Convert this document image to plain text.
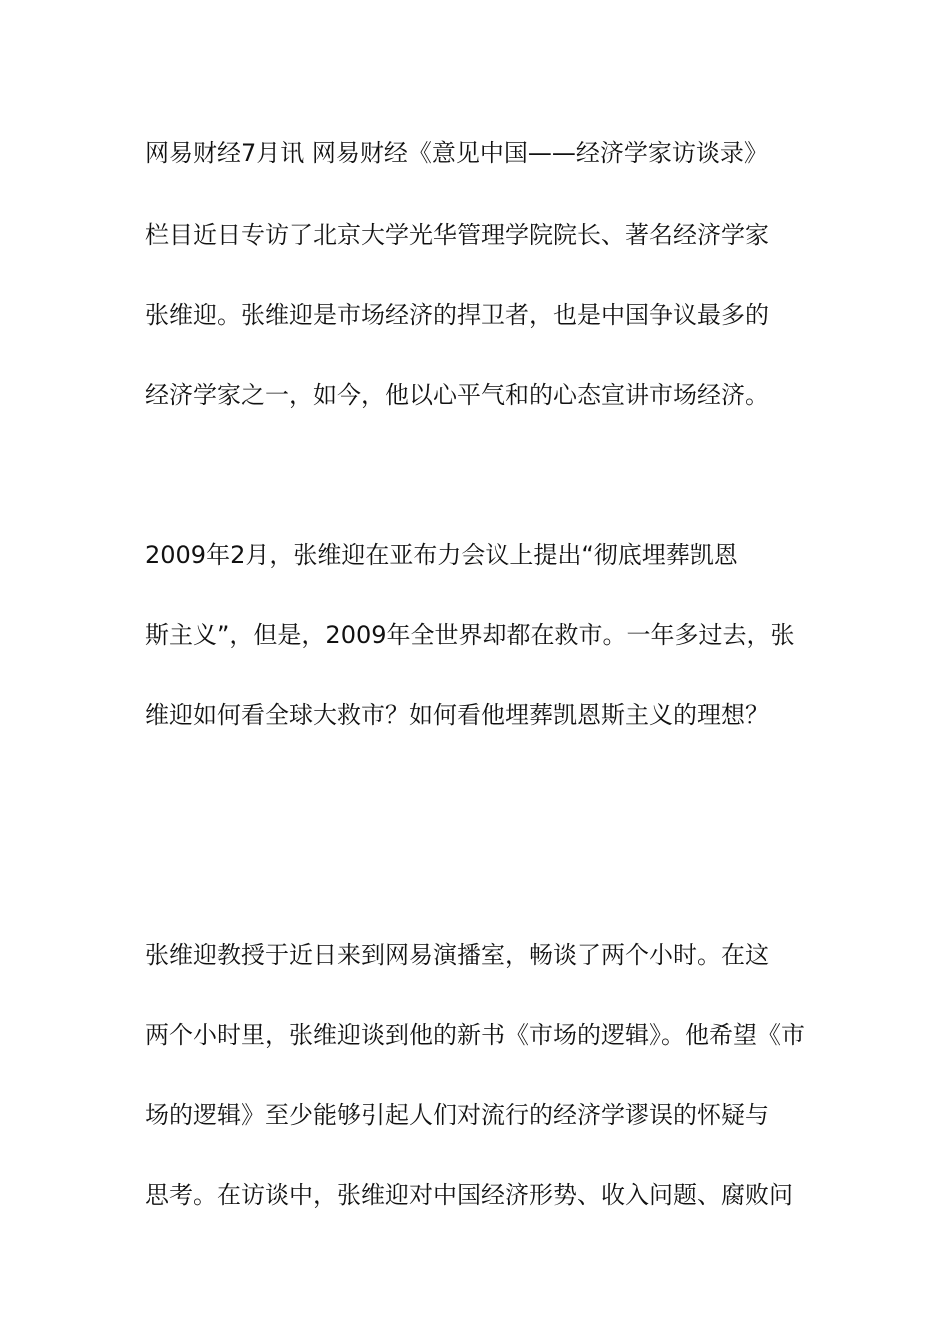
网易财经7月讯 网易财经《意见中国——经济学家访谈录》

栏目近日专访了北京大学光华管理学院院长、著名经济学家

张维迎。张维迎是市场经济的捍卫者，也是中国争议最多的

经济学家之一，如今，他以心平气和的心态宣讲市场经济。

2009年2月，张维迎在亚布力会议上提出“彻底埋葬凯恩

斯主义”，但是，2009年全世界却都在救市。一年多过去，张

维迎如何看全球大救市？如何看他埋葬凯恩斯主义的理想？

张维迎教授于近日来到网易演播室，畅谈了两个小时。在这

两个小时里，张维迎谈到他的新书《市场的逻辑》。他希望《市

场的逻辑》至少能够引起人们对流行的经济学谬误的怀疑与

思考。在访谈中，张维迎对中国经济形势、收入问题、腐败问
